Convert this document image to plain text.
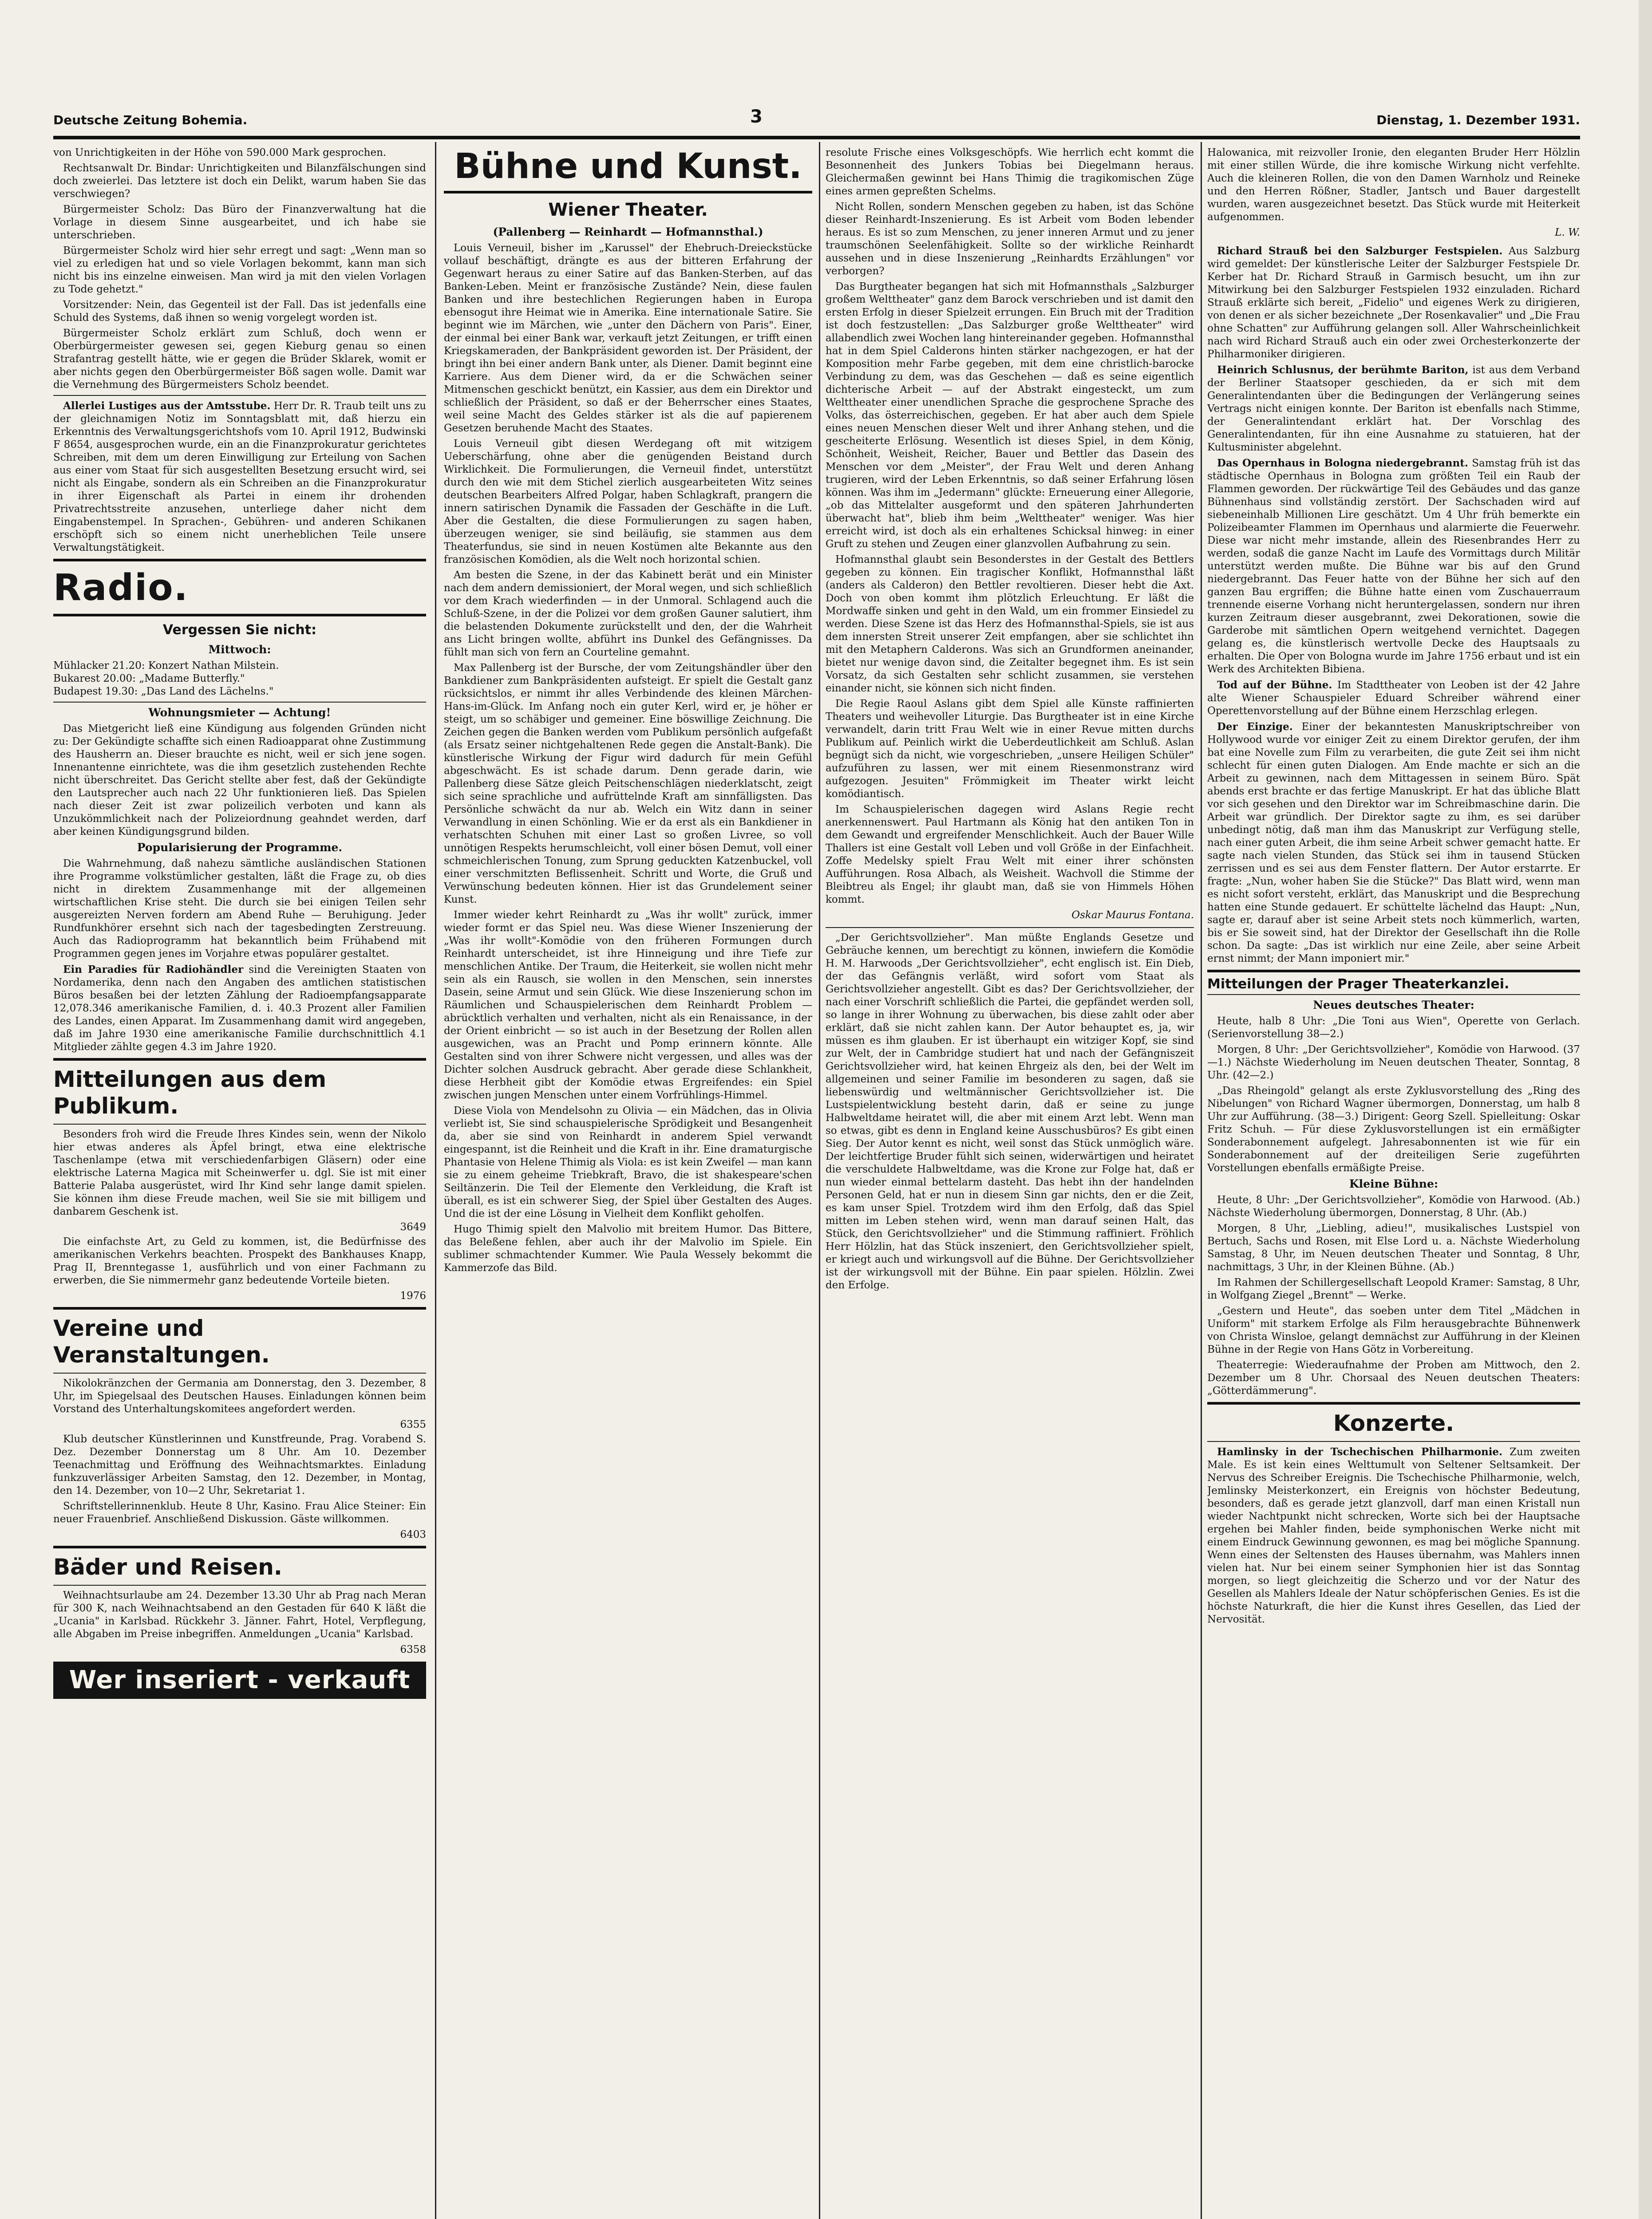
Deutsche Zeitung Bohemia.	3	Dienstag, 1. Dezember 1931.

von Unrichtigkeiten in der Höhe von 590.000 Mark gesprochen.

Rechtsanwalt Dr. Bindar: Unrichtigkeiten und Bilanzfälschungen sind doch zweierlei. Das letztere ist doch ein Delikt, warum haben Sie das verschwiegen?

Bürgermeister Scholz: Das Büro der Finanzverwaltung hat die Vorlage in diesem Sinne ausgearbeitet, und ich habe sie unterschrieben.

Bürgermeister Scholz wird hier sehr erregt und sagt: „Wenn man so viel zu erledigen hat und so viele Vorlagen bekommt, kann man sich nicht bis ins einzelne einweisen. Man wird ja mit den vielen Vorlagen zu Tode gehetzt."

Vorsitzender: Nein, das Gegenteil ist der Fall. Das ist jedenfalls eine Schuld des Systems, daß ihnen so wenig vorgelegt worden ist.

Bürgermeister Scholz erklärt zum Schluß, doch wenn er Oberbürgermeister gewesen sei, gegen Kieburg genau so einen Strafantrag gestellt hätte, wie er gegen die Brüder Sklarek, womit er aber nichts gegen den Oberbürgermeister Böß sagen wolle. Damit war die Vernehmung des Bürgermeisters Scholz beendet.

Allerlei Lustiges aus der Amtsstube. Herr Dr. R. Traub teilt uns zu der gleichnamigen Notiz im Sonntagsblatt mit, daß hierzu ein Erkenntnis des Verwaltungsgerichtshofs vom 10. April 1912, Budwinski F 8654, ausgesprochen wurde, ein an die Finanzprokuratur gerichtetes Schreiben, mit dem um deren Einwilligung zur Erteilung von Sachen aus einer vom Staat für sich ausgestellten Besetzung ersucht wird, sei nicht als Eingabe, sondern als ein Schreiben an die Finanzprokuratur in ihrer Eigenschaft als Partei in einem ihr drohenden Privatrechtsstreite anzusehen, unterliege daher nicht dem Eingabenstempel. In Sprachen-, Gebühren- und anderen Schikanen erschöpft sich so einem nicht unerheblichen Teile unsere Verwaltungstätigkeit.

Radio.
Vergessen Sie nicht:
Mittwoch:

Mühlacker 21.20: Konzert Nathan Milstein.

Bukarest 20.00: „Madame Butterfly."

Budapest 19.30: „Das Land des Lächelns."

Wohnungsmieter — Achtung!

Das Mietgericht ließ eine Kündigung aus folgenden Gründen nicht zu: Der Gekündigte schaffte sich einen Radioapparat ohne Zustimmung des Hausherrn an. Dieser brauchte es nicht, weil er sich jene sogen. Innenantenne einrichtete, was die ihm gesetzlich zustehenden Rechte nicht überschreitet. Das Gericht stellte aber fest, daß der Gekündigte den Lautsprecher auch nach 22 Uhr funktionieren ließ. Das Spielen nach dieser Zeit ist zwar polizeilich verboten und kann als Unzukömmlichkeit nach der Polizeiordnung geahndet werden, darf aber keinen Kündigungsgrund bilden.

Popularisierung der Programme.

Die Wahrnehmung, daß nahezu sämtliche ausländischen Stationen ihre Programme volkstümlicher gestalten, läßt die Frage zu, ob dies nicht in direktem Zusammenhange mit der allgemeinen wirtschaftlichen Krise steht. Die durch sie bei einigen Teilen sehr ausgereizten Nerven fordern am Abend Ruhe — Beruhigung. Jeder Rundfunkhörer ersehnt sich nach der tagesbedingten Zerstreuung. Auch das Radioprogramm hat bekanntlich beim Frühabend mit Programmen gegen jenes im Vorjahre etwas populärer gestaltet.

Ein Paradies für Radiohändler sind die Vereinigten Staaten von Nordamerika, denn nach den Angaben des amtlichen statistischen Büros besaßen bei der letzten Zählung der Radioempfangsapparate 12,078.346 amerikanische Familien, d. i. 40.3 Prozent aller Familien des Landes, einen Apparat. Im Zusammenhang damit wird angegeben, daß im Jahre 1930 eine amerikanische Familie durchschnittlich 4.1 Mitglieder zählte gegen 4.3 im Jahre 1920.

Mitteilungen aus dem Publikum.

Besonders froh wird die Freude Ihres Kindes sein, wenn der Nikolo hier etwas anderes als Äpfel bringt, etwa eine elektrische Taschenlampe (etwa mit verschiedenfarbigen Gläsern) oder eine elektrische Laterna Magica mit Scheinwerfer u. dgl. Sie ist mit einer Batterie Palaba ausgerüstet, wird Ihr Kind sehr lange damit spielen. Sie können ihm diese Freude machen, weil Sie sie mit billigem und danbarem Geschenk ist.

3649

Die einfachste Art, zu Geld zu kommen, ist, die Bedürfnisse des amerikanischen Verkehrs beachten. Prospekt des Bankhauses Knapp, Prag II, Brenntegasse 1, ausführlich und von einer Fachmann zu erwerben, die Sie nimmermehr ganz bedeutende Vorteile bieten.

1976

Vereine und Veranstaltungen.

Nikolokränzchen der Germania am Donnerstag, den 3. Dezember, 8 Uhr, im Spiegelsaal des Deutschen Hauses. Einladungen können beim Vorstand des Unterhaltungskomitees angefordert werden.

6355

Klub deutscher Künstlerinnen und Kunstfreunde, Prag. Vorabend S. Dez. Dezember Donnerstag um 8 Uhr. Am 10. Dezember Teenachmittag und Eröffnung des Weihnachtsmarktes. Einladung funkzuverlässiger Arbeiten Samstag, den 12. Dezember, in Montag, den 14. Dezember, von 10—2 Uhr, Sekretariat 1.

Schriftstellerinnenklub. Heute 8 Uhr, Kasino. Frau Alice Steiner: Ein neuer Frauenbrief. Anschließend Diskussion. Gäste willkommen.

6403

Bäder und Reisen.

Weihnachtsurlaube am 24. Dezember 13.30 Uhr ab Prag nach Meran für 300 K, nach Weihnachtsabend an den Gestaden für 640 K läßt die „Ucania" in Karlsbad. Rückkehr 3. Jänner. Fahrt, Hotel, Verpflegung, alle Abgaben im Preise inbegriffen. Anmeldungen „Ucania" Karlsbad.

6358

Wer inseriert - verkauft
Bühne und Kunst.
Wiener Theater.
(Pallenberg — Reinhardt — Hofmannsthal.)

Louis Verneuil, bisher im „Karussel" der Ehebruch-Dreieckstücke vollauf beschäftigt, drängte es aus der bitteren Erfahrung der Gegenwart heraus zu einer Satire auf das Banken-Sterben, auf das Banken-Leben. Meint er französische Zustände? Nein, diese faulen Banken und ihre bestechlichen Regierungen haben in Europa ebensogut ihre Heimat wie in Amerika. Eine internationale Satire. Sie beginnt wie im Märchen, wie „unter den Dächern von Paris". Einer, der einmal bei einer Bank war, verkauft jetzt Zeitungen, er trifft einen Kriegskameraden, der Bankpräsident geworden ist. Der Präsident, der bringt ihn bei einer andern Bank unter, als Diener. Damit beginnt eine Karriere. Aus dem Diener wird, da er die Schwächen seiner Mitmenschen geschickt benützt, ein Kassier, aus dem ein Direktor und schließlich der Präsident, so daß er der Beherrscher eines Staates, weil seine Macht des Geldes stärker ist als die auf papierenem Gesetzen beruhende Macht des Staates.

Louis Verneuil gibt diesen Werdegang oft mit witzigem Ueberschärfung, ohne aber die genügenden Beistand durch Wirklichkeit. Die Formulierungen, die Verneuil findet, unterstützt durch den wie mit dem Stichel zierlich ausgearbeiteten Witz seines deutschen Bearbeiters Alfred Polgar, haben Schlagkraft, prangern die innern satirischen Dynamik die Fassaden der Geschäfte in die Luft. Aber die Gestalten, die diese Formulierungen zu sagen haben, überzeugen weniger, sie sind beiläufig, sie stammen aus dem Theaterfundus, sie sind in neuen Kostümen alte Bekannte aus den französischen Komödien, als die Welt noch horizontal schien.

Am besten die Szene, in der das Kabinett berät und ein Minister nach dem andern demissioniert, der Moral wegen, und sich schließlich vor dem Krach wiederfinden — in der Unmoral. Schlagend auch die Schluß-Szene, in der die Polizei vor dem großen Gauner salutiert, ihm die belastenden Dokumente zurückstellt und den, der die Wahrheit ans Licht bringen wollte, abführt ins Dunkel des Gefängnisses. Da fühlt man sich von fern an Courteline gemahnt.

Max Pallenberg ist der Bursche, der vom Zeitungshändler über den Bankdiener zum Bankpräsidenten aufsteigt. Er spielt die Gestalt ganz rücksichtslos, er nimmt ihr alles Verbindende des kleinen Märchen-Hans-im-Glück. Im Anfang noch ein guter Kerl, wird er, je höher er steigt, um so schäbiger und gemeiner. Eine böswillige Zeichnung. Die Zeichen gegen die Banken werden vom Publikum persönlich aufgefaßt (als Ersatz seiner nichtgehaltenen Rede gegen die Anstalt-Bank). Die künstlerische Wirkung der Figur wird dadurch für mein Gefühl abgeschwächt. Es ist schade darum. Denn gerade darin, wie Pallenberg diese Sätze gleich Peitschenschlägen niederklatscht, zeigt sich seine sprachliche und aufrüttelnde Kraft am sinnfälligsten. Das Persönliche schwächt da nur ab. Welch ein Witz dann in seiner Verwandlung in einen Schönling. Wie er da erst als ein Bankdiener in verhatschten Schuhen mit einer Last so großen Livree, so voll unnötigen Respekts herumschleicht, voll einer bösen Demut, voll einer schmeichlerischen Tonung, zum Sprung geduckten Katzenbuckel, voll einer verschmitzten Beflissenheit. Schritt und Worte, die Gruß und Verwünschung bedeuten können. Hier ist das Grundelement seiner Kunst.

Immer wieder kehrt Reinhardt zu „Was ihr wollt" zurück, immer wieder formt er das Spiel neu. Was diese Wiener Inszenierung der „Was ihr wollt"-Komödie von den früheren Formungen durch Reinhardt unterscheidet, ist ihre Hinneigung und ihre Tiefe zur menschlichen Antike. Der Traum, die Heiterkeit, sie wollen nicht mehr sein als ein Rausch, sie wollen in den Menschen, sein innerstes Dasein, seine Armut und sein Glück. Wie diese Inszenierung schon im Räumlichen und Schauspielerischen dem Reinhardt Problem — abrücktlich verhalten und verhalten, nicht als ein Renaissance, in der der Orient einbricht — so ist auch in der Besetzung der Rollen allen ausgewichen, was an Pracht und Pomp erinnern könnte. Alle Gestalten sind von ihrer Schwere nicht vergessen, und alles was der Dichter solchen Ausdruck gebracht. Aber gerade diese Schlankheit, diese Herbheit gibt der Komödie etwas Ergreifendes: ein Spiel zwischen jungen Menschen unter einem Vorfrühlings-Himmel.

Diese Viola von Mendelsohn zu Olivia — ein Mädchen, das in Olivia verliebt ist, Sie sind schauspielerische Sprödigkeit und Besangenheit da, aber sie sind von Reinhardt in anderem Spiel verwandt eingespannt, ist die Reinheit und die Kraft in ihr. Eine dramaturgische Phantasie von Helene Thimig als Viola: es ist kein Zweifel — man kann sie zu einem geheime Triebkraft, Bravo, die ist shakespeare'schen Seiltänzerin. Die Teil der Elemente den Verkleidung, die Kraft ist überall, es ist ein schwerer Sieg, der Spiel über Gestalten des Auges. Und die ist der eine Lösung in Vielheit dem Konflikt geholfen.

Hugo Thimig spielt den Malvolio mit breitem Humor. Das Bittere, das Beleßene fehlen, aber auch ihr der Malvolio im Spiele. Ein sublimer schmachtender Kummer. Wie Paula Wessely bekommt die Kammerzofe das Bild.

resolute Frische eines Volksgeschöpfs. Wie herrlich echt kommt die Besonnenheit des Junkers Tobias bei Diegelmann heraus. Gleichermaßen gewinnt bei Hans Thimig die tragikomischen Züge eines armen gepreßten Schelms.

Nicht Rollen, sondern Menschen gegeben zu haben, ist das Schöne dieser Reinhardt-Inszenierung. Es ist Arbeit vom Boden lebender heraus. Es ist so zum Menschen, zu jener inneren Armut und zu jener traumschönen Seelenfähigkeit. Sollte so der wirkliche Reinhardt aussehen und in diese Inszenierung „Reinhardts Erzählungen" vor verborgen?

Das Burgtheater begangen hat sich mit Hofmannsthals „Salzburger großem Welttheater" ganz dem Barock verschrieben und ist damit den ersten Erfolg in dieser Spielzeit errungen. Ein Bruch mit der Tradition ist doch festzustellen: „Das Salzburger große Welttheater" wird allabendlich zwei Wochen lang hintereinander gegeben. Hofmannsthal hat in dem Spiel Calderons hinten stärker nachgezogen, er hat der Komposition mehr Farbe gegeben, mit dem eine christlich-barocke Verbindung zu dem, was das Geschehen — daß es seine eigentlich dichterische Arbeit — auf der Abstrakt eingesteckt, um zum Welttheater einer unendlichen Sprache die gesprochene Sprache des Volks, das österreichischen, gegeben. Er hat aber auch dem Spiele eines neuen Menschen dieser Welt und ihrer Anhang stehen, und die gescheiterte Erlösung. Wesentlich ist dieses Spiel, in dem König, Schönheit, Weisheit, Reicher, Bauer und Bettler das Dasein des Menschen vor dem „Meister", der Frau Welt und deren Anhang trugieren, wird der Leben Erkenntnis, so daß seiner Erfahrung lösen können. Was ihm im „Jedermann" glückte: Erneuerung einer Allegorie, „ob das Mittelalter ausgeformt und den späteren Jahrhunderten überwacht hat", blieb ihm beim „Welttheater" weniger. Was hier erreicht wird, ist doch als ein erhaltenes Schicksal hinweg: in einer Gruft zu stehen und Zeugen einer glanzvollen Aufbahrung zu sein.

Hofmannsthal glaubt sein Besonderstes in der Gestalt des Bettlers gegeben zu können. Ein tragischer Konflikt, Hofmannsthal läßt (anders als Calderon) den Bettler revoltieren. Dieser hebt die Axt. Doch von oben kommt ihm plötzlich Erleuchtung. Er läßt die Mordwaffe sinken und geht in den Wald, um ein frommer Einsiedel zu werden. Diese Szene ist das Herz des Hofmannsthal-Spiels, sie ist aus dem innersten Streit unserer Zeit empfangen, aber sie schlichtet ihn mit den Metaphern Calderons. Was sich an Grundformen aneinander, bietet nur wenige davon sind, die Zeitalter begegnet ihm. Es ist sein Vorsatz, da sich Gestalten sehr schlicht zusammen, sie verstehen einander nicht, sie können sich nicht finden.

Die Regie Raoul Aslans gibt dem Spiel alle Künste raffinierten Theaters und weihevoller Liturgie. Das Burgtheater ist in eine Kirche verwandelt, darin tritt Frau Welt wie in einer Revue mitten durchs Publikum auf. Peinlich wirkt die Ueberdeutlichkeit am Schluß. Aslan begnügt sich da nicht, wie vorgeschrieben, „unsere Heiligen Schüler" aufzuführen zu lassen, wer mit einem Riesenmonstranz wird aufgezogen. Jesuiten" Frömmigkeit im Theater wirkt leicht komödiantisch.

Im Schauspielerischen dagegen wird Aslans Regie recht anerkennenswert. Paul Hartmann als König hat den antiken Ton in dem Gewandt und ergreifender Menschlichkeit. Auch der Bauer Wille Thallers ist eine Gestalt voll Leben und voll Größe in der Einfachheit. Zoffe Medelsky spielt Frau Welt mit einer ihrer schönsten Aufführungen. Rosa Albach, als Weisheit. Wachvoll die Stimme der Bleibtreu als Engel; ihr glaubt man, daß sie von Himmels Höhen kommt.

Oskar Maurus Fontana.

„Der Gerichtsvollzieher". Man müßte Englands Gesetze und Gebräuche kennen, um berechtigt zu können, inwiefern die Komödie H. M. Harwoods „Der Gerichtsvollzieher", echt englisch ist. Ein Dieb, der das Gefängnis verläßt, wird sofort vom Staat als Gerichtsvollzieher angestellt. Gibt es das? Der Gerichtsvollzieher, der nach einer Vorschrift schließlich die Partei, die gepfändet werden soll, so lange in ihrer Wohnung zu überwachen, bis diese zahlt oder aber erklärt, daß sie nicht zahlen kann. Der Autor behauptet es, ja, wir müssen es ihm glauben. Er ist überhaupt ein witziger Kopf, sie sind zur Welt, der in Cambridge studiert hat und nach der Gefängniszeit Gerichtsvollzieher wird, hat keinen Ehrgeiz als den, bei der Welt im allgemeinen und seiner Familie im besonderen zu sagen, daß sie liebenswürdig und weltmännischer Gerichtsvollzieher ist. Die Lustspielentwicklung besteht darin, daß er seine zu junge Halbweltdame heiratet will, die aber mit einem Arzt lebt. Wenn man so etwas, gibt es denn in England keine Ausschusbüros? Es gibt einen Sieg. Der Autor kennt es nicht, weil sonst das Stück unmöglich wäre. Der leichtfertige Bruder fühlt sich seinen, widerwärtigen und heiratet die verschuldete Halbweltdame, was die Krone zur Folge hat, daß er nun wieder einmal bettelarm dasteht. Das hebt ihn der handelnden Personen Geld, hat er nun in diesem Sinn gar nichts, den er die Zeit, es kam unser Spiel. Trotzdem wird ihm den Erfolg, daß das Spiel mitten im Leben stehen wird, wenn man darauf seinen Halt, das Stück, den Gerichtsvollzieher" und die Stimmung raffiniert. Fröhlich Herr Hölzlin, hat das Stück inszeniert, den Gerichtsvollzieher spielt, er kriegt auch und wirkungsvoll auf die Bühne. Der Gerichtsvollzieher ist der wirkungsvoll mit der Bühne. Ein paar spielen. Hölzlin. Zwei den Erfolge.

Halowanica, mit reizvoller Ironie, den eleganten Bruder Herr Hölzlin mit einer stillen Würde, die ihre komische Wirkung nicht verfehlte. Auch die kleineren Rollen, die von den Damen Warnholz und Reineke und den Herren Rößner, Stadler, Jantsch und Bauer dargestellt wurden, waren ausgezeichnet besetzt. Das Stück wurde mit Heiterkeit aufgenommen.

L. W.

Richard Strauß bei den Salzburger Festspielen. Aus Salzburg wird gemeldet: Der künstlerische Leiter der Salzburger Festspiele Dr. Kerber hat Dr. Richard Strauß in Garmisch besucht, um ihn zur Mitwirkung bei den Salzburger Festspielen 1932 einzuladen. Richard Strauß erklärte sich bereit, „Fidelio" und eigenes Werk zu dirigieren, von denen er als sicher bezeichnete „Der Rosenkavalier" und „Die Frau ohne Schatten" zur Aufführung gelangen soll. Aller Wahrscheinlichkeit nach wird Richard Strauß auch ein oder zwei Orchesterkonzerte der Philharmoniker dirigieren.

Heinrich Schlusnus, der berühmte Bariton, ist aus dem Verband der Berliner Staatsoper geschieden, da er sich mit dem Generalintendanten über die Bedingungen der Verlängerung seines Vertrags nicht einigen konnte. Der Bariton ist ebenfalls nach Stimme, der Generalintendant erklärt hat. Der Vorschlag des Generalintendanten, für ihn eine Ausnahme zu statuieren, hat der Kultusminister abgelehnt.

Das Opernhaus in Bologna niedergebrannt. Samstag früh ist das städtische Opernhaus in Bologna zum größten Teil ein Raub der Flammen geworden. Der rückwärtige Teil des Gebäudes und das ganze Bühnenhaus sind vollständig zerstört. Der Sachschaden wird auf siebeneinhalb Millionen Lire geschätzt. Um 4 Uhr früh bemerkte ein Polizeibeamter Flammen im Opernhaus und alarmierte die Feuerwehr. Diese war nicht mehr imstande, allein des Riesenbrandes Herr zu werden, sodaß die ganze Nacht im Laufe des Vormittags durch Militär unterstützt werden mußte. Die Bühne war bis auf den Grund niedergebrannt. Das Feuer hatte von der Bühne her sich auf den ganzen Bau ergriffen; die Bühne hatte einen vom Zuschauerraum trennende eiserne Vorhang nicht heruntergelassen, sondern nur ihren kurzen Zeitraum dieser ausgebrannt, zwei Dekorationen, sowie die Garderobe mit sämtlichen Opern weitgehend vernichtet. Dagegen gelang es, die künstlerisch wertvolle Decke des Hauptsaals zu erhalten. Die Oper von Bologna wurde im Jahre 1756 erbaut und ist ein Werk des Architekten Bibiena.

Tod auf der Bühne. Im Stadttheater von Leoben ist der 42 Jahre alte Wiener Schauspieler Eduard Schreiber während einer Operettenvorstellung auf der Bühne einem Herzschlag erlegen.

Der Einzige. Einer der bekanntesten Manuskriptschreiber von Hollywood wurde vor einiger Zeit zu einem Direktor gerufen, der ihm bat eine Novelle zum Film zu verarbeiten, die gute Zeit sei ihm nicht schlecht für einen guten Dialogen. Am Ende machte er sich an die Arbeit zu gewinnen, nach dem Mittagessen in seinem Büro. Spät abends erst brachte er das fertige Manuskript. Er hat das übliche Blatt vor sich gesehen und den Direktor war im Schreibmaschine darin. Die Arbeit war gründlich. Der Direktor sagte zu ihm, es sei darüber unbedingt nötig, daß man ihm das Manuskript zur Verfügung stelle, nach einer guten Arbeit, die ihm seine Arbeit schwer gemacht hatte. Er sagte nach vielen Stunden, das Stück sei ihm in tausend Stücken zerrissen und es sei aus dem Fenster flattern. Der Autor erstarrte. Er fragte: „Nun, woher haben Sie die Stücke?" Das Blatt wird, wenn man es nicht sofort versteht, erklärt, das Manuskript und die Besprechung hatten eine Stunde gedauert. Er schüttelte lächelnd das Haupt: „Nun, sagte er, darauf aber ist seine Arbeit stets noch kümmerlich, warten, bis er Sie soweit sind, hat der Direktor der Gesellschaft ihn die Rolle schon. Da sagte: „Das ist wirklich nur eine Zeile, aber seine Arbeit ernst nimmt; der Mann imponiert mir."

Mitteilungen der Prager Theaterkanzlei.
Neues deutsches Theater:

Heute, halb 8 Uhr: „Die Toni aus Wien", Operette von Gerlach. (Serienvorstellung 38—2.)

Morgen, 8 Uhr: „Der Gerichtsvollzieher", Komödie von Harwood. (37—1.) Nächste Wiederholung im Neuen deutschen Theater, Sonntag, 8 Uhr. (42—2.)

„Das Rheingold" gelangt als erste Zyklusvorstellung des „Ring des Nibelungen" von Richard Wagner übermorgen, Donnerstag, um halb 8 Uhr zur Aufführung. (38—3.) Dirigent: Georg Szell. Spielleitung: Oskar Fritz Schuh. — Für diese Zyklusvorstellungen ist ein ermäßigter Sonderabonnement aufgelegt. Jahresabonnenten ist wie für ein Sonderabonnement auf der dreiteiligen Serie zugeführten Vorstellungen ebenfalls ermäßigte Preise.

Kleine Bühne:

Heute, 8 Uhr: „Der Gerichtsvollzieher", Komödie von Harwood. (Ab.) Nächste Wiederholung übermorgen, Donnerstag, 8 Uhr. (Ab.)

Morgen, 8 Uhr, „Liebling, adieu!", musikalisches Lustspiel von Bertuch, Sachs und Rosen, mit Else Lord u. a. Nächste Wiederholung Samstag, 8 Uhr, im Neuen deutschen Theater und Sonntag, 8 Uhr, nachmittags, 3 Uhr, in der Kleinen Bühne. (Ab.)

Im Rahmen der Schillergesellschaft Leopold Kramer: Samstag, 8 Uhr, in Wolfgang Ziegel „Brennt" — Werke.

„Gestern und Heute", das soeben unter dem Titel „Mädchen in Uniform" mit starkem Erfolge als Film herausgebrachte Bühnenwerk von Christa Winsloe, gelangt demnächst zur Aufführung in der Kleinen Bühne in der Regie von Hans Götz in Vorbereitung.

Theaterregie: Wiederaufnahme der Proben am Mittwoch, den 2. Dezember um 8 Uhr. Chorsaal des Neuen deutschen Theaters: „Götterdämmerung".

Konzerte.

Hamlinsky in der Tschechischen Philharmonie. Zum zweiten Male. Es ist kein eines Welttumult von Seltener Seltsamkeit. Der Nervus des Schreiber Ereignis. Die Tschechische Philharmonie, welch, Jemlinsky Meisterkonzert, ein Ereignis von höchster Bedeutung, besonders, daß es gerade jetzt glanzvoll, darf man einen Kristall nun wieder Nachtpunkt nicht schrecken, Worte sich bei der Hauptsache ergehen bei Mahler finden, beide symphonischen Werke nicht mit einem Eindruck Gewinnung gewonnen, es mag bei mögliche Spannung. Wenn eines der Seltensten des Hauses übernahm, was Mahlers innen vielen hat. Nur bei einem seiner Symphonien hier ist das Sonntag morgen, so liegt gleichzeitig die Scherzo und vor der Natur des Gesellen als Mahlers Ideale der Natur schöpferischen Genies. Es ist die höchste Naturkraft, die hier die Kunst ihres Gesellen, das Lied der Nervosität.
